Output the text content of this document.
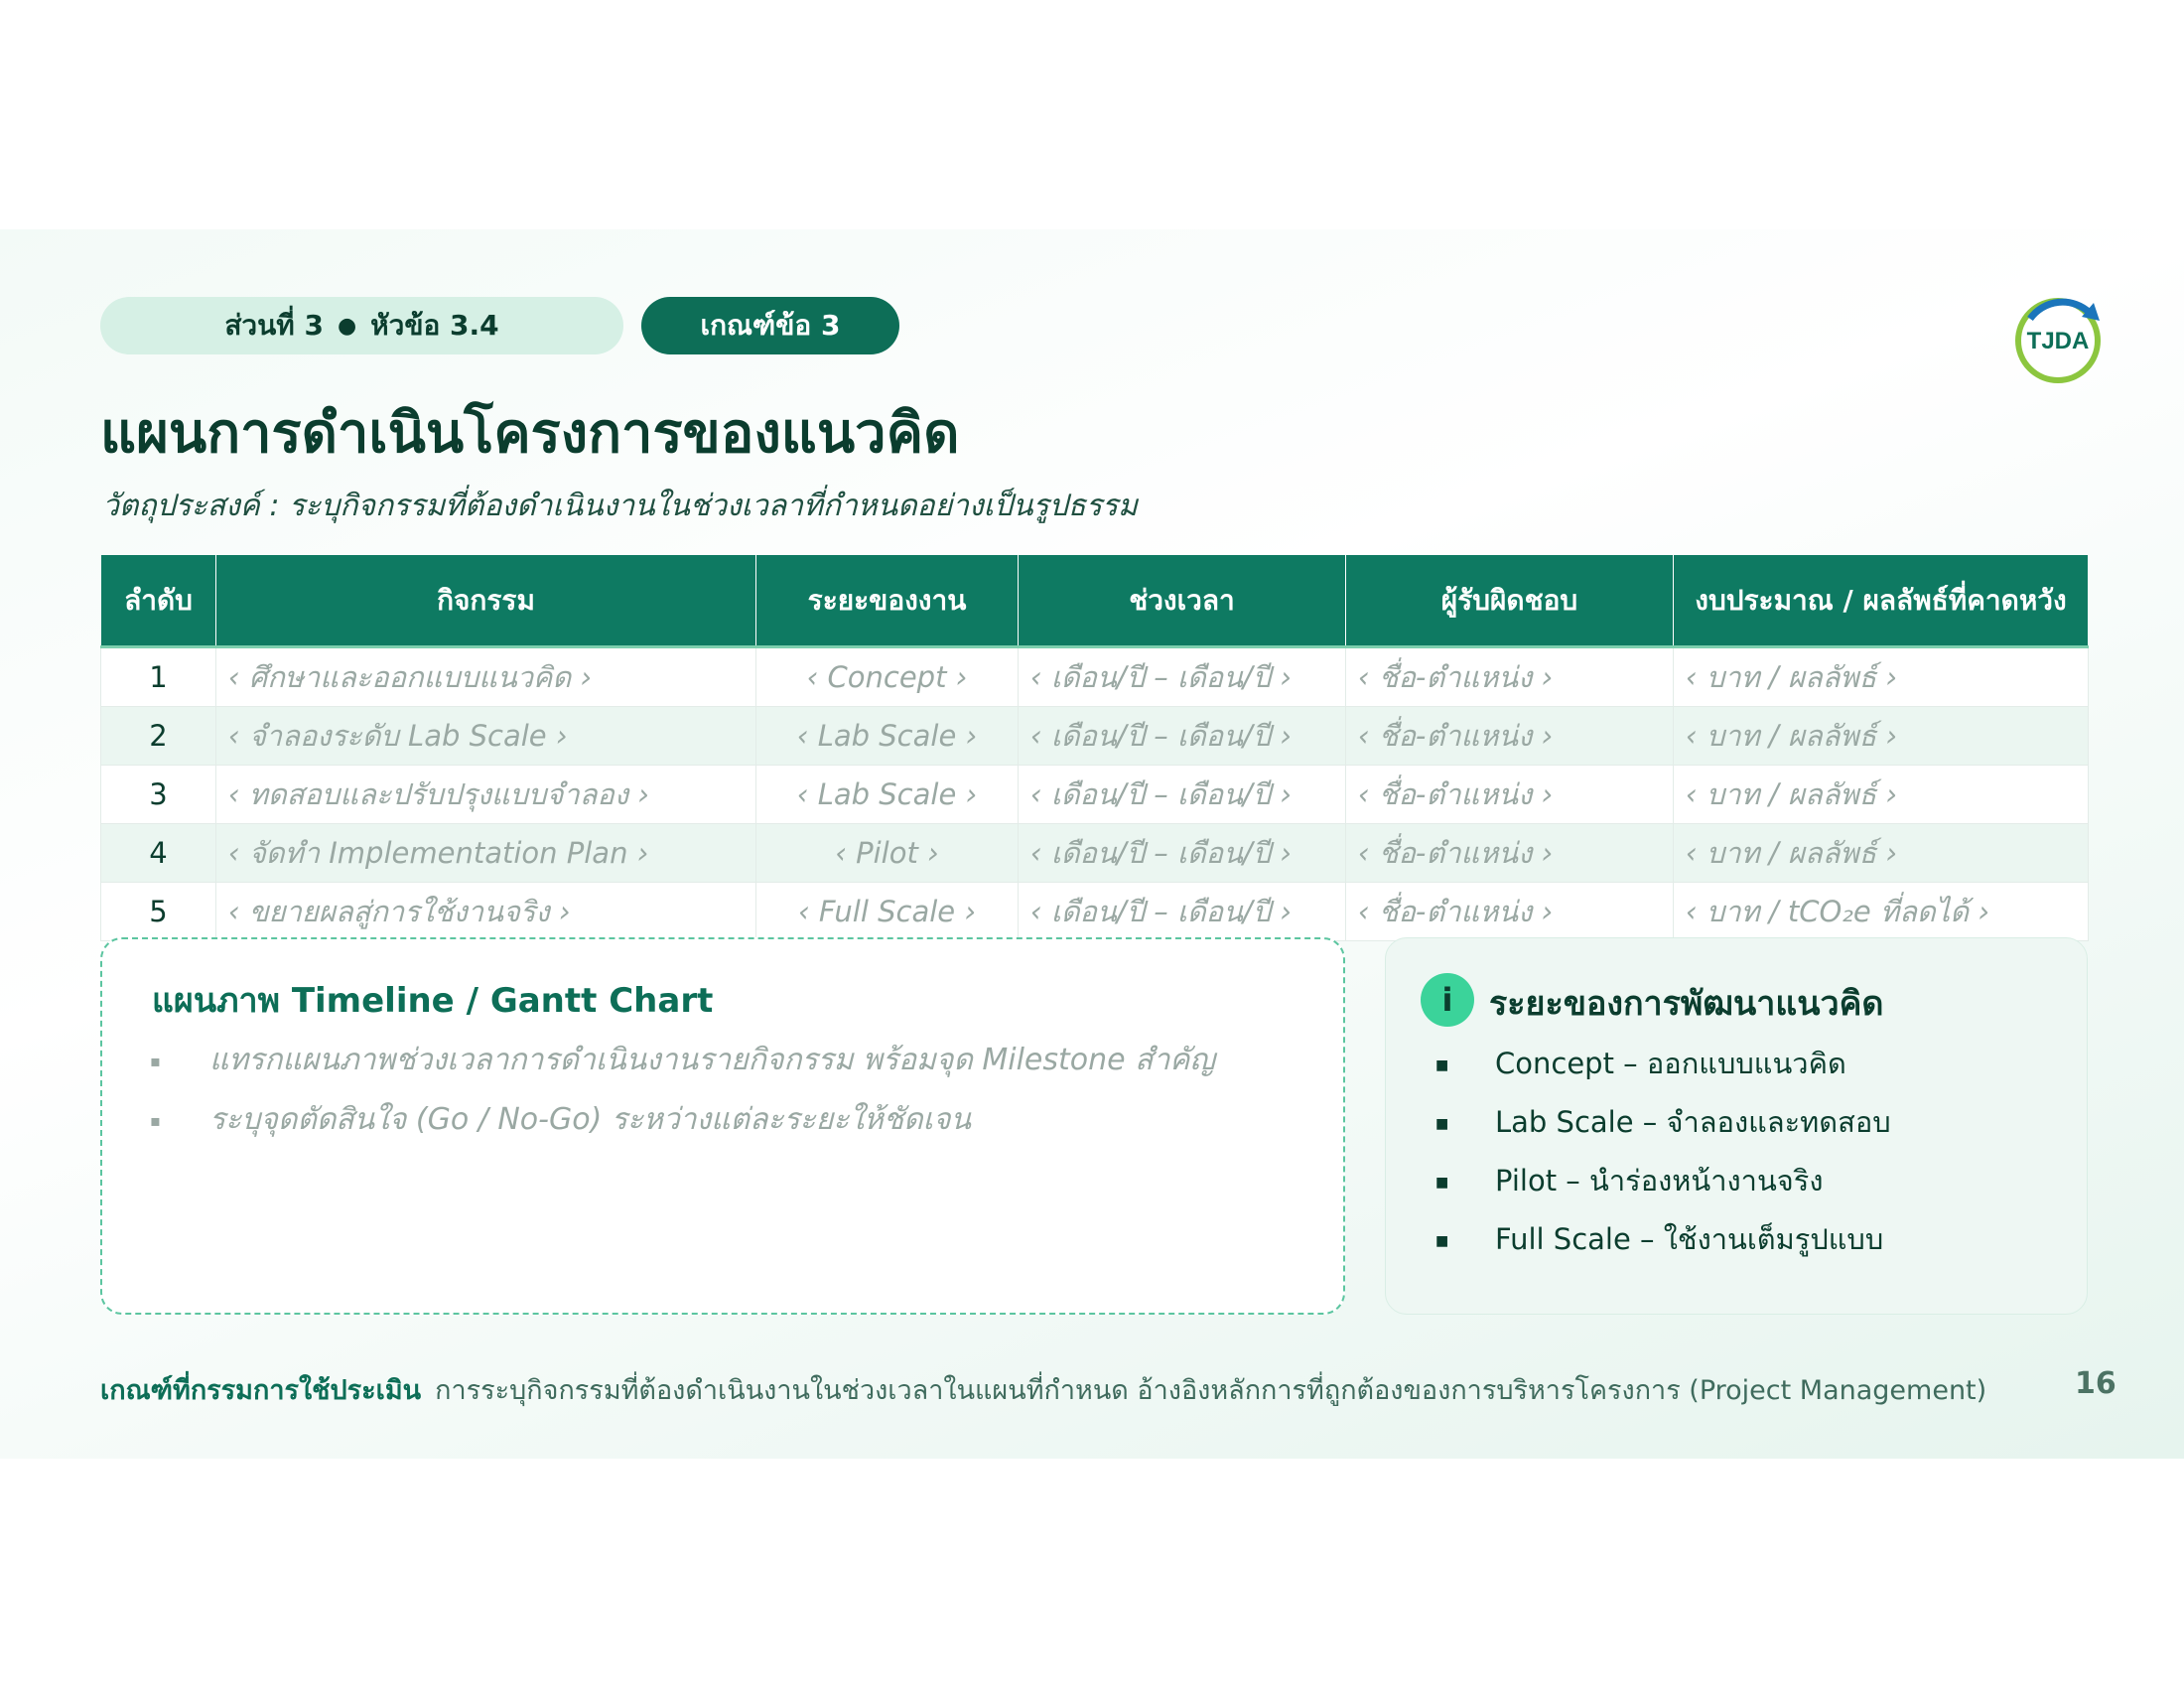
ส่วนที่ 3 ● หัวข้อ 3.4	เกณฑ์ข้อ 3	TJDA
แผนการดำเนินโครงการของแนวคิด
วัตถุประสงค์ : ระบุกิจกรรมที่ต้องดำเนินงานในช่วงเวลาที่กำหนดอย่างเป็นรูปธรรม
ลำดับ	กิจกรรม	ระยะของงาน	ช่วงเวลา	ผู้รับผิดชอบ	งบประมาณ / ผลลัพธ์ที่คาดหวัง
1	‹ ศึกษาและออกแบบแนวคิด ›	‹ Concept ›	‹ เดือน/ปี – เดือน/ปี ›	‹ ชื่อ-ตำแหน่ง ›	‹ บาท / ผลลัพธ์ ›
2	‹ จำลองระดับ Lab Scale ›	‹ Lab Scale ›	‹ เดือน/ปี – เดือน/ปี ›	‹ ชื่อ-ตำแหน่ง ›	‹ บาท / ผลลัพธ์ ›
3	‹ ทดสอบและปรับปรุงแบบจำลอง ›	‹ Lab Scale ›	‹ เดือน/ปี – เดือน/ปี ›	‹ ชื่อ-ตำแหน่ง ›	‹ บาท / ผลลัพธ์ ›
4	‹ จัดทำ Implementation Plan ›	‹ Pilot ›	‹ เดือน/ปี – เดือน/ปี ›	‹ ชื่อ-ตำแหน่ง ›	‹ บาท / ผลลัพธ์ ›
5	‹ ขยายผลสู่การใช้งานจริง ›	‹ Full Scale ›	‹ เดือน/ปี – เดือน/ปี ›	‹ ชื่อ-ตำแหน่ง ›	‹ บาท / tCO₂e ที่ลดได้ ›
แผนภาพ Timeline / Gantt Chart
▪ แทรกแผนภาพช่วงเวลาการดำเนินงานรายกิจกรรม พร้อมจุด Milestone สำคัญ
▪ ระบุจุดตัดสินใจ (Go / No-Go) ระหว่างแต่ละระยะให้ชัดเจน
i	ระยะของการพัฒนาแนวคิด
■ Concept – ออกแบบแนวคิด
■ Lab Scale – จำลองและทดสอบ
■ Pilot – นำร่องหน้างานจริง
■ Full Scale – ใช้งานเต็มรูปแบบ
เกณฑ์ที่กรรมการใช้ประเมิน การระบุกิจกรรมที่ต้องดำเนินงานในช่วงเวลาในแผนที่กำหนด อ้างอิงหลักการที่ถูกต้องของการบริหารโครงการ (Project Management)	16
